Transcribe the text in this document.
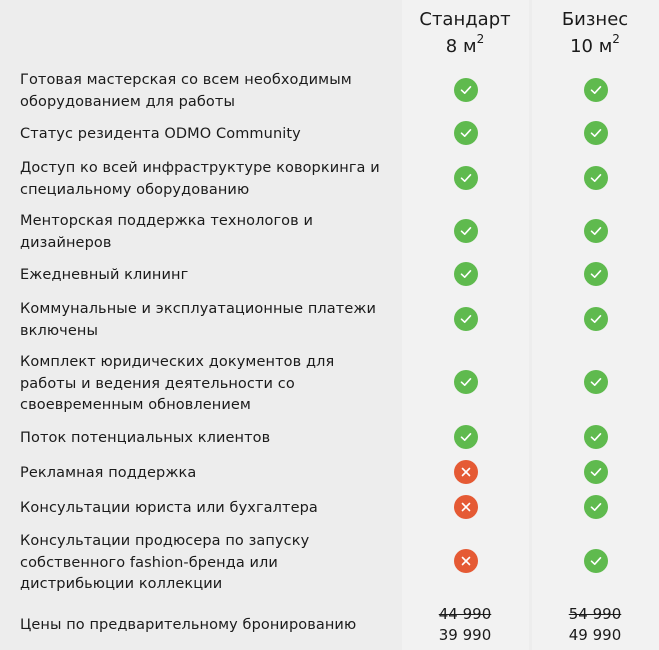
Стандарт
8 $м^2$
Бизнес
10 $м^2$
Готовая мастерская со всем необходимым оборудованием для работы
Статус резидента ODMO Community
Доступ ко всей инфраструктуре коворкинга и специальному оборудованию
Менторская поддержка технологов и дизайнеров
Ежедневный клининг
Коммунальные и эксплуатационные платежи включены
Комплект юридических документов для работы и ведения деятельности со своевременным обновлением
Поток потенциальных клиентов
Рекламная поддержка
Консультации юриста или бухгалтера
Консультации продюсера по запуску собственного fashion-бренда или дистрибьюции коллекции
Цены по предварительному бронированию
44 990
39 990
54 990
49 990
